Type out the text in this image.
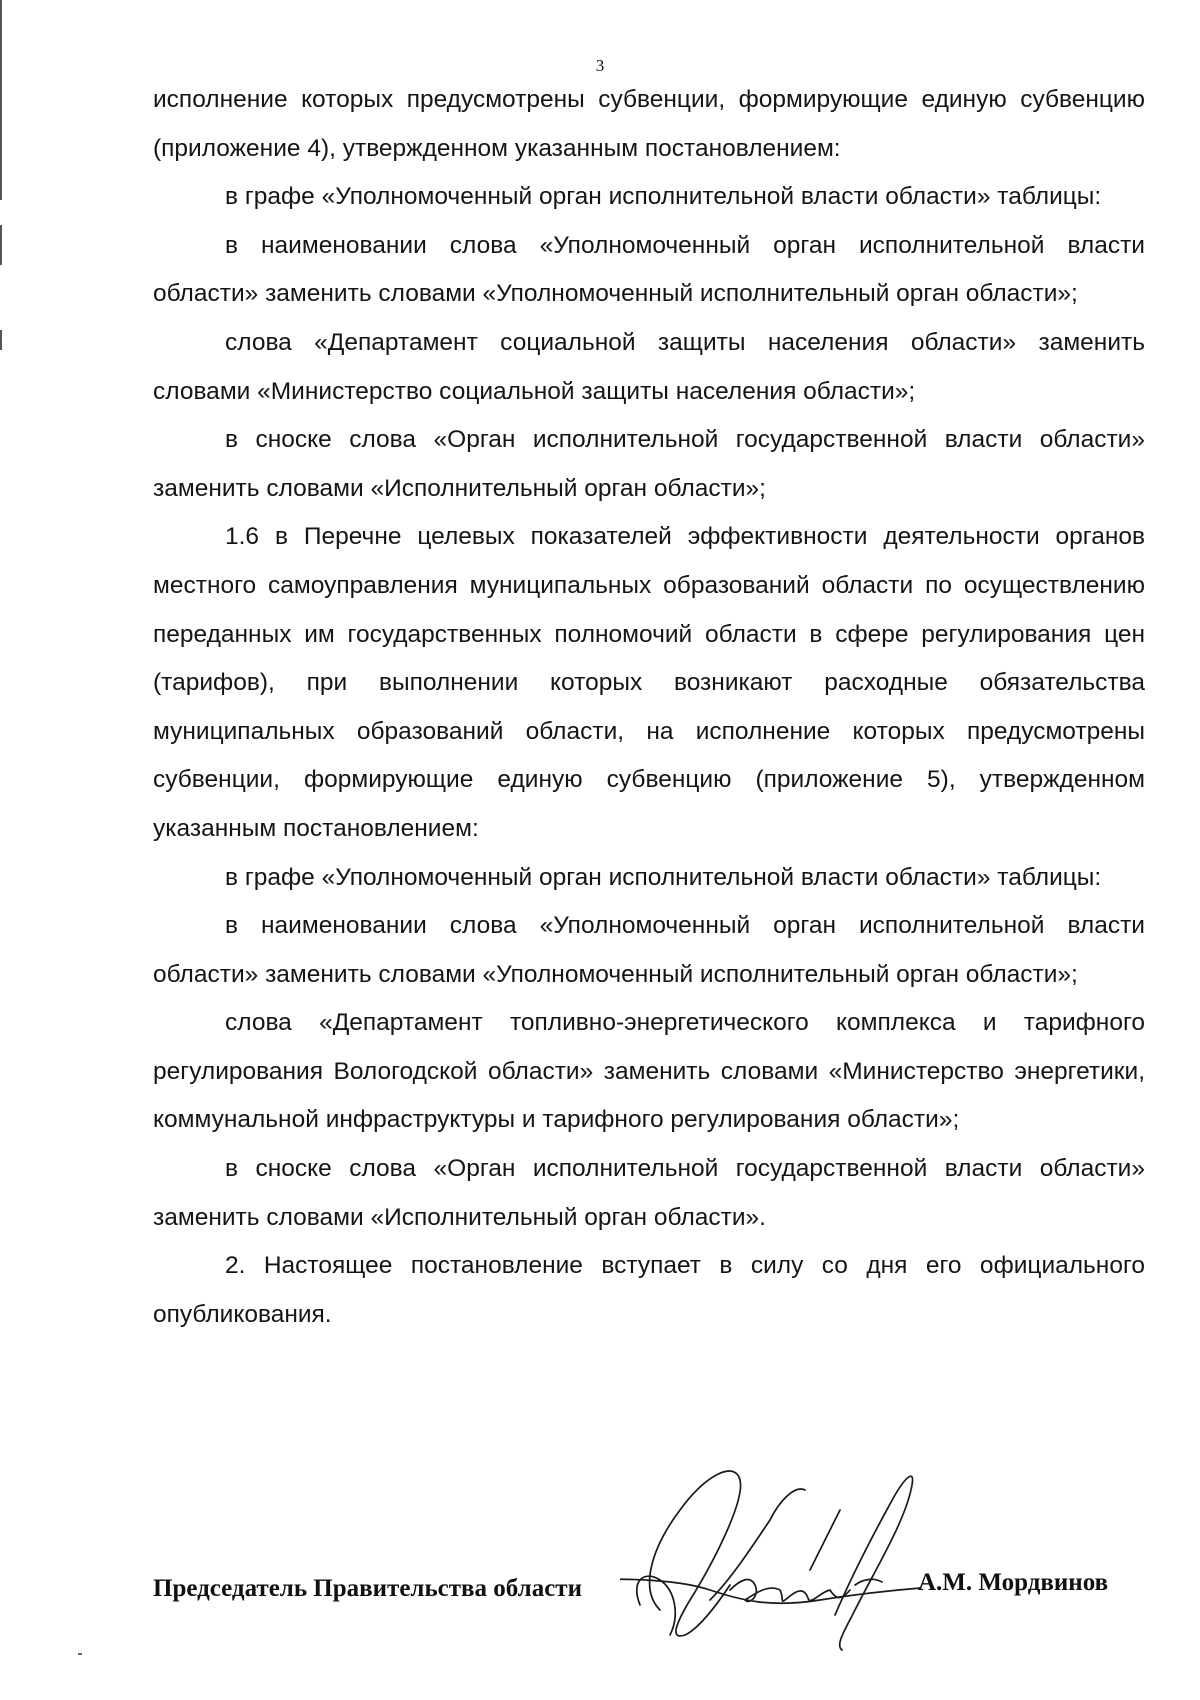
3

исполнение которых предусмотрены субвенции, формирующие единую субвенцию (приложение 4), утвержденном указанным постановлением:

в графе «Уполномоченный орган исполнительной власти области» таблицы:

в наименовании слова «Уполномоченный орган исполнительной власти области» заменить словами «Уполномоченный исполнительный орган области»;

слова «Департамент социальной защиты населения области» заменить словами «Министерство социальной защиты населения области»;

в сноске слова «Орган исполнительной государственной власти области» заменить словами «Исполнительный орган области»;

1.6 в Перечне целевых показателей эффективности деятельности органов местного самоуправления муниципальных образований области по осуществлению переданных им государственных полномочий области в сфере регулирования цен (тарифов), при выполнении которых возникают расходные обязательства муниципальных образований области, на исполнение которых предусмотрены субвенции, формирующие единую субвенцию (приложение 5), утвержденном указанным постановлением:

в графе «Уполномоченный орган исполнительной власти области» таблицы:

в наименовании слова «Уполномоченный орган исполнительной власти области» заменить словами «Уполномоченный исполнительный орган области»;

слова «Департамент топливно-энергетического комплекса и тарифного регулирования Вологодской области» заменить словами «Министерство энергетики, коммунальной инфраструктуры и тарифного регулирования области»;

в сноске слова «Орган исполнительной государственной власти области» заменить словами «Исполнительный орган области».

2. Настоящее постановление вступает в силу со дня его официального опубликования.

Председатель Правительства области	А.М. Мордвинов
